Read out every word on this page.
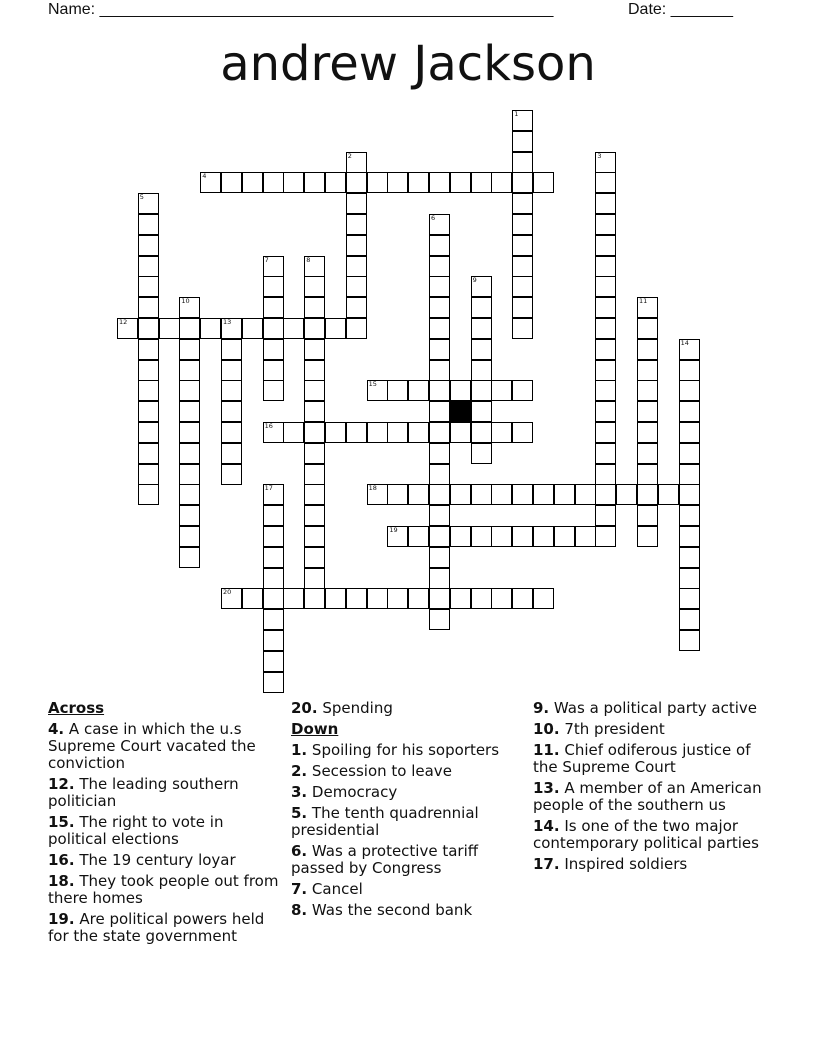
Name: ___________________________________________________	Date: _______
andrew Jackson
1
2	3
4
5
6
7	8
9
10	11
12	13
14
15
16
17	18
19
20
Across
4. A case in which the u.s Supreme Court vacated the conviction
12. The leading southern politician
15. The right to vote in political elections
16. The 19 century loyar
18. They took people out from there homes
19. Are political powers held for the state government
20. Spending
Down
1. Spoiling for his soporters
2. Secession to leave
3. Democracy
5. The tenth quadrennial presidential
6. Was a protective tariff passed by Congress
7. Cancel
8. Was the second bank
9. Was a political party active
10. 7th president
11. Chief odiferous justice of the Supreme Court
13. A member of an American people of the southern us
14. Is one of the two major contemporary political parties
17. Inspired soldiers
